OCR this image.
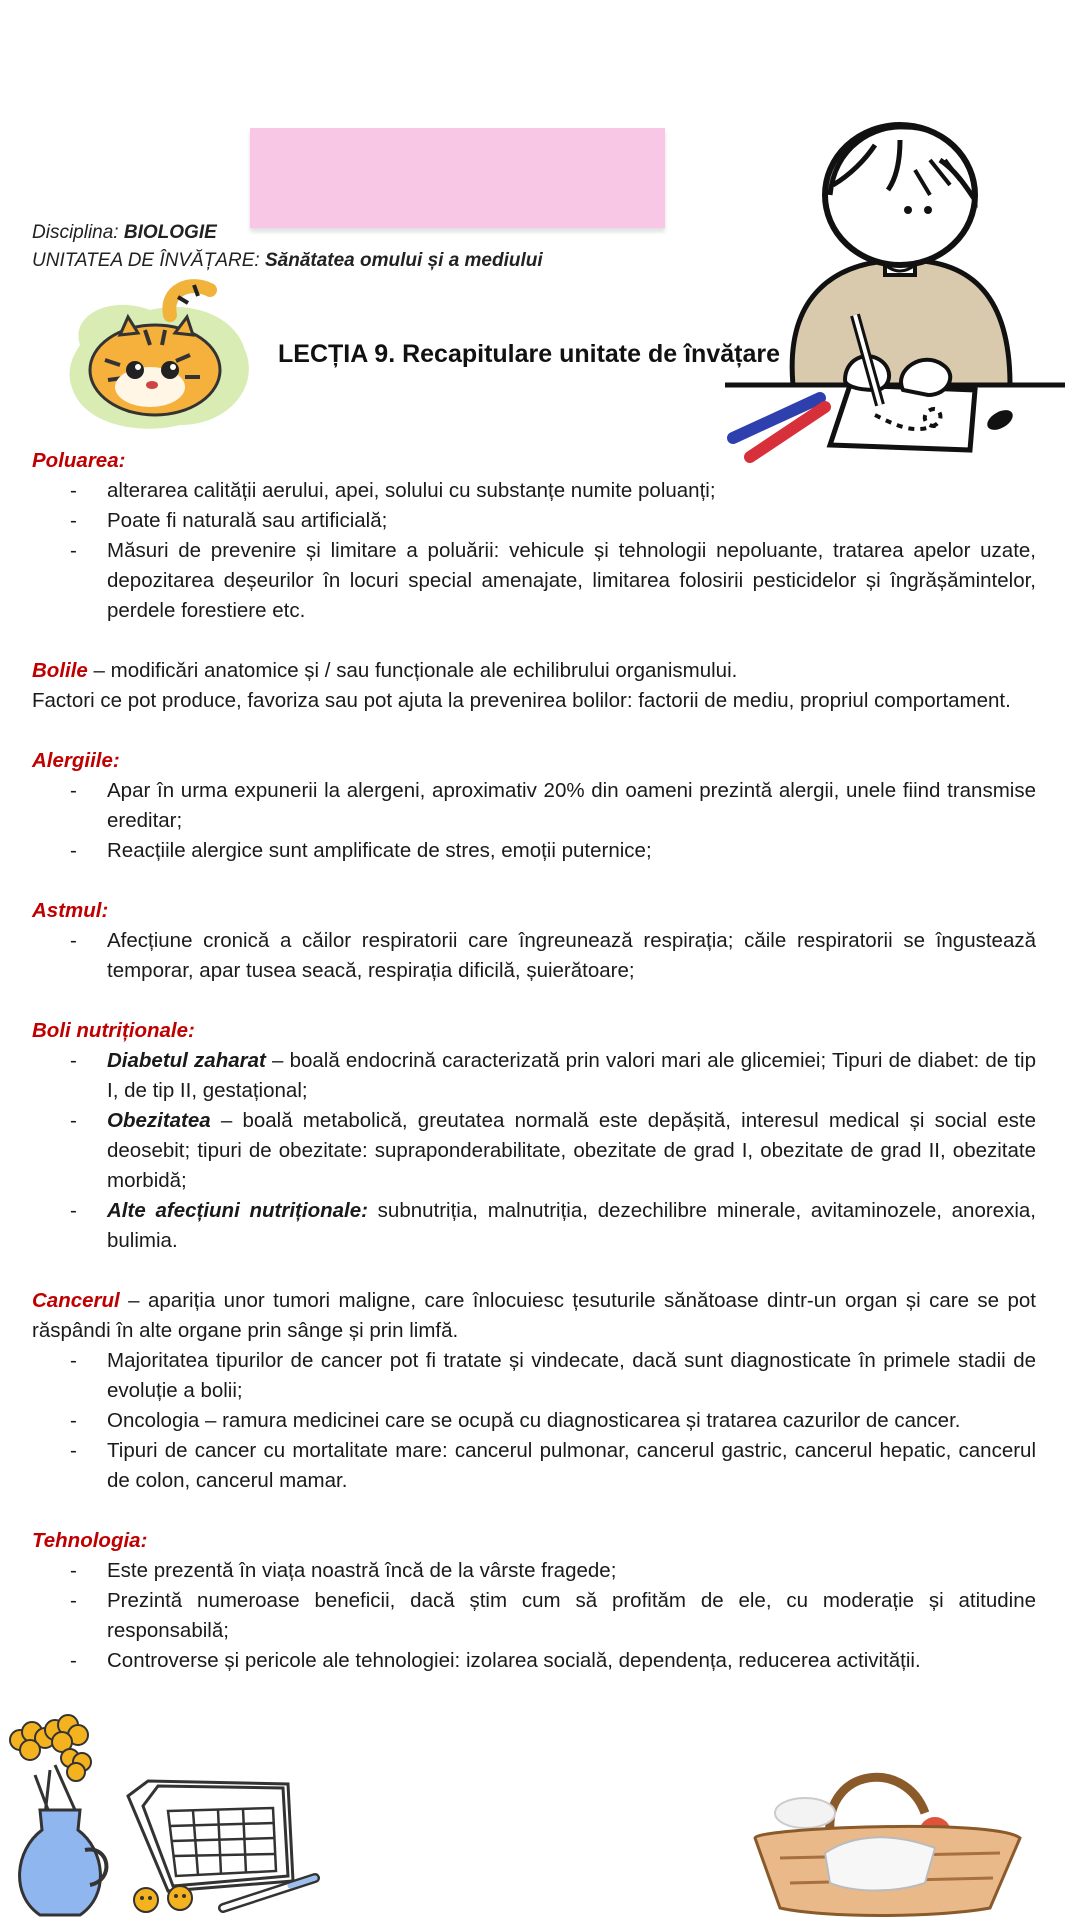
Disciplina: BIOLOGIE
UNITATEA DE ÎNVĂȚARE: Sănătatea omului și a mediului
LECȚIA 9. Recapitulare unitate de învățare

Poluarea:

- alterarea calității aerului, apei, solului cu substanțe numite poluanți;
- Poate fi naturală sau artificială;
- Măsuri de prevenire și limitare a poluării: vehicule și tehnologii nepoluante, tratarea apelor uzate, depozitarea deșeurilor în locuri special amenajate, limitarea folosirii pesticidelor și îngrășămintelor, perdele forestiere etc.

Bolile – modificări anatomice și / sau funcționale ale echilibrului organismului.

Factori ce pot produce, favoriza sau pot ajuta la prevenirea bolilor: factorii de mediu, propriul comportament.

Alergiile:

- Apar în urma expunerii la alergeni, aproximativ 20% din oameni prezintă alergii, unele fiind transmise ereditar;
- Reacțiile alergice sunt amplificate de stres, emoții puternice;

Astmul:

- Afecțiune cronică a căilor respiratorii care îngreunează respirația; căile respiratorii se îngustează temporar, apar tusea seacă, respirația dificilă, șuierătoare;

Boli nutriționale:

- Diabetul zaharat – boală endocrină caracterizată prin valori mari ale glicemiei; Tipuri de diabet: de tip I, de tip II, gestațional;
- Obezitatea – boală metabolică, greutatea normală este depășită, interesul medical și social este deosebit; tipuri de obezitate: supraponderabilitate, obezitate de grad I, obezitate de grad II, obezitate morbidă;
- Alte afecțiuni nutriționale: subnutriția, malnutriția, dezechilibre minerale, avitaminozele, anorexia, bulimia.

Cancerul – apariția unor tumori maligne, care înlocuiesc țesuturile sănătoase dintr-un organ și care se pot răspândi în alte organe prin sânge și prin limfă.

- Majoritatea tipurilor de cancer pot fi tratate și vindecate, dacă sunt diagnosticate în primele stadii de evoluție a bolii;
- Oncologia – ramura medicinei care se ocupă cu diagnosticarea și tratarea cazurilor de cancer.
- Tipuri de cancer cu mortalitate mare: cancerul pulmonar, cancerul gastric, cancerul hepatic, cancerul de colon, cancerul mamar.

Tehnologia:

- Este prezentă în viața noastră încă de la vârste fragede;
- Prezintă numeroase beneficii, dacă știm cum să profităm de ele, cu moderație și atitudine responsabilă;
- Controverse și pericole ale tehnologiei: izolarea socială, dependența, reducerea activității.
